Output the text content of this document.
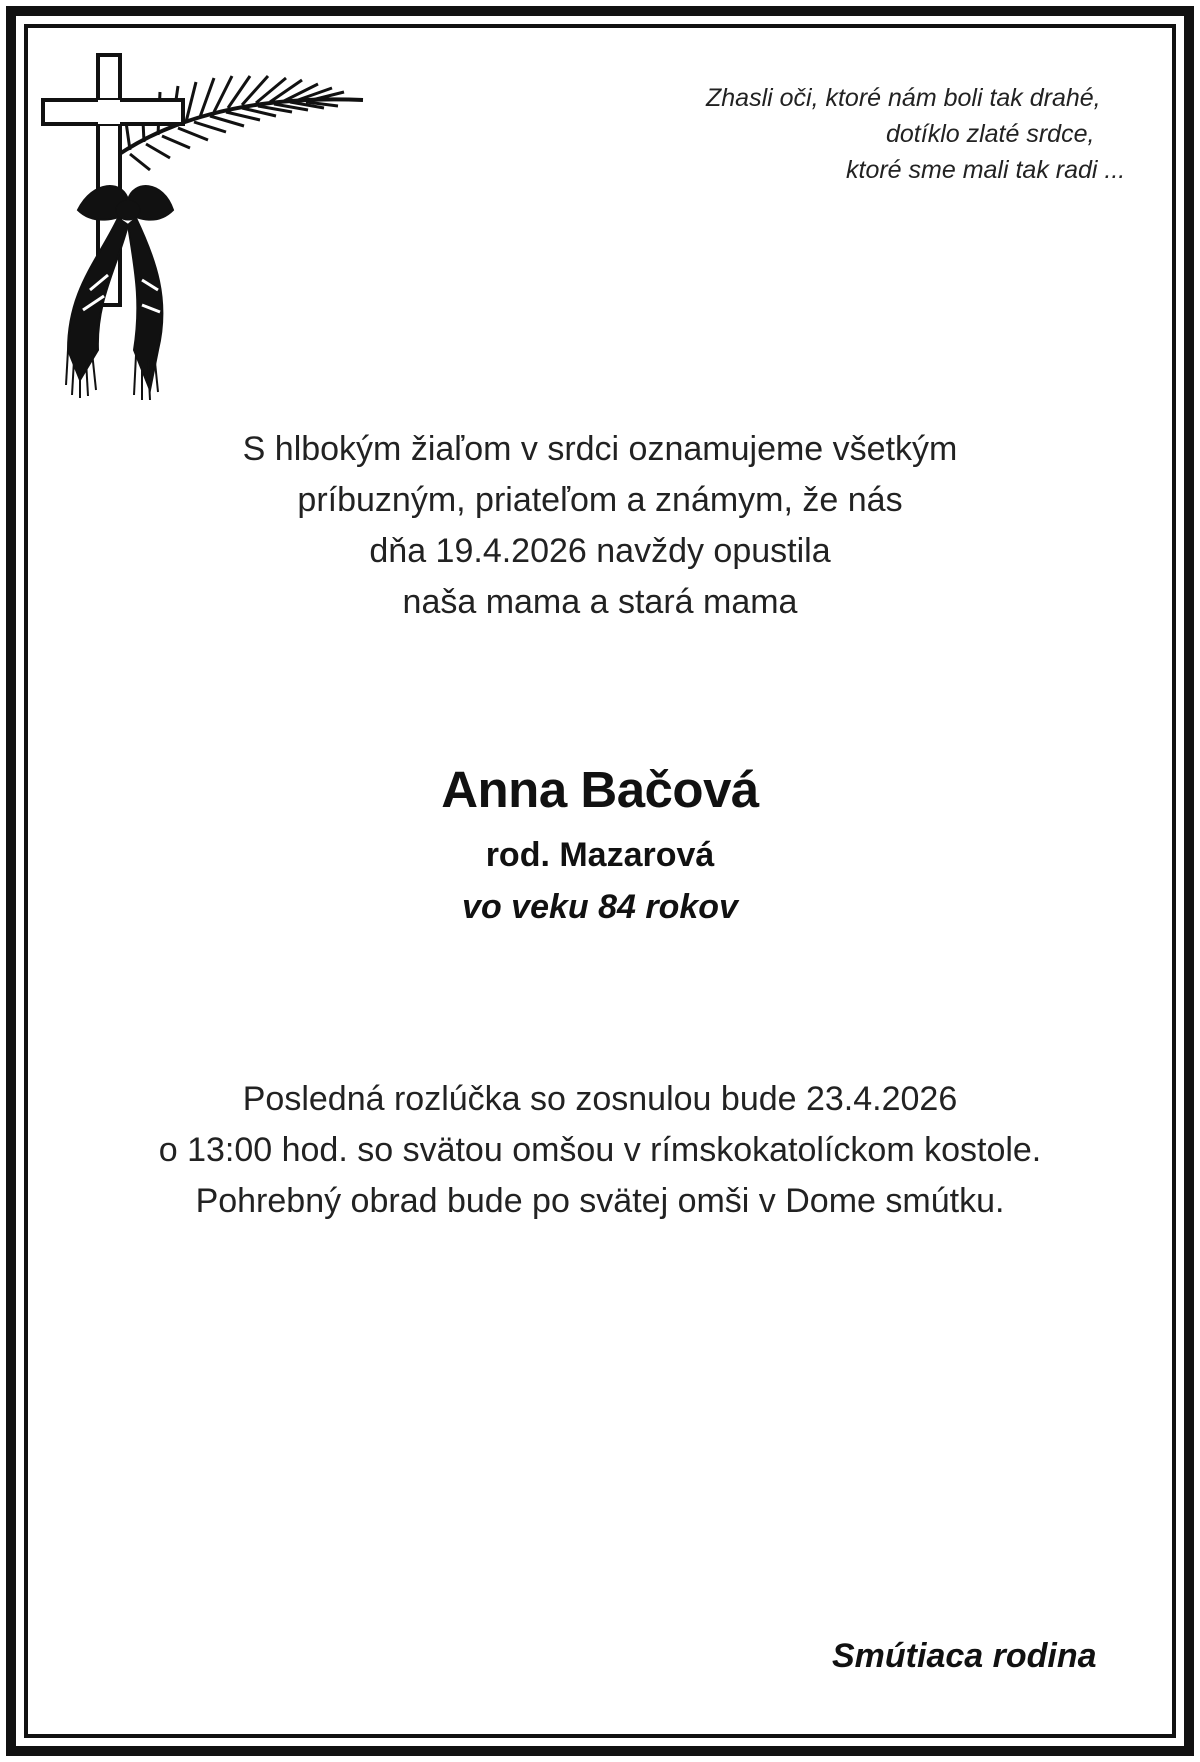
Zhasli oči, ktoré nám boli tak drahé,
dotíklo zlaté srdce,
ktoré sme mali tak radi ...
S hlbokým žiaľom v srdci oznamujeme všetkým
príbuzným, priateľom a známym, že nás
dňa 19.4.2026 navždy opustila
naša mama a stará mama
Anna Bačová
rod. Mazarová
vo veku 84 rokov
Posledná rozlúčka so zosnulou bude 23.4.2026
o 13:00 hod. so svätou omšou v rímskokatolíckom kostole.
Pohrebný obrad bude po svätej omši v Dome smútku.
Smútiaca rodina
